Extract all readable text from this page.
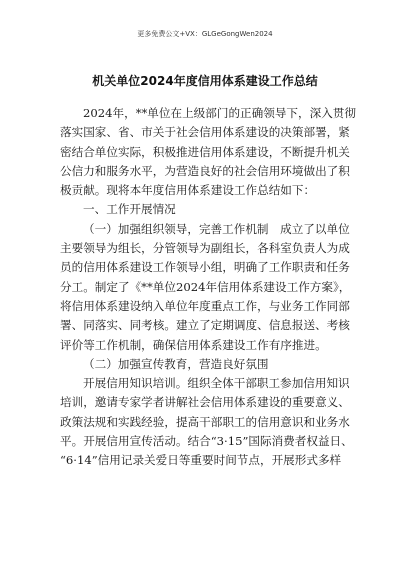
更多免费公文+VX：GLGeGongWen2024
机关单位2024年度信用体系建设工作总结
2024年，**单位在上级部门的正确领导下，深入贯彻
落实国家、省、市关于社会信用体系建设的决策部署，紧
密结合单位实际，积极推进信用体系建设，不断提升机关
公信力和服务水平，为营造良好的社会信用环境做出了积
极贡献。现将本年度信用体系建设工作总结如下：
一、工作开展情况
（一）加强组织领导，完善工作机制　成立了以单位
主要领导为组长，分管领导为副组长，各科室负责人为成
员的信用体系建设工作领导小组，明确了工作职责和任务
分工。制定了《**单位2024年信用体系建设工作方案》，
将信用体系建设纳入单位年度重点工作，与业务工作同部
署、同落实、同考核。建立了定期调度、信息报送、考核
评价等工作机制，确保信用体系建设工作有序推进。
（二）加强宣传教育，营造良好氛围
开展信用知识培训。组织全体干部职工参加信用知识
培训，邀请专家学者讲解社会信用体系建设的重要意义、
政策法规和实践经验，提高干部职工的信用意识和业务水
平。开展信用宣传活动。结合“3·15”国际消费者权益日、
“6·14”信用记录关爱日等重要时间节点，开展形式多样
